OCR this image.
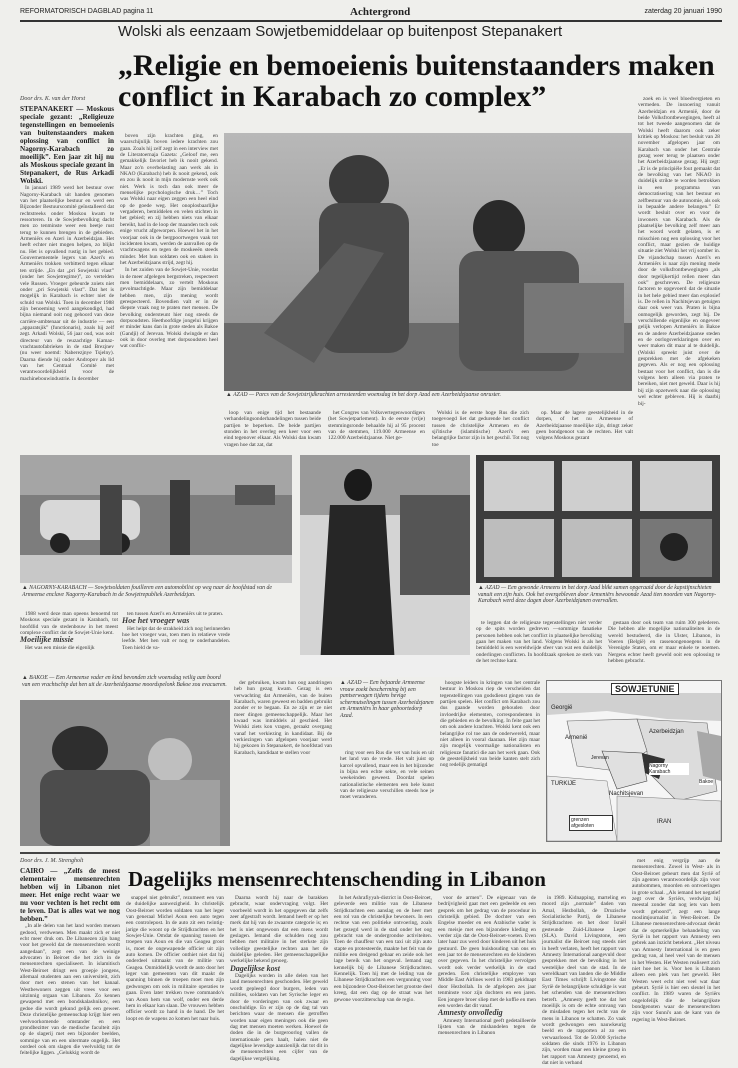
REFORMATORISCH DAGBLAD pagina 11	Achtergrond	zaterdag 20 januari 1990
Wolski als eenzaam Sowjetbemiddelaar op buitenpost Stepanakert
„Religie en bemoeienis buitenstaanders maken conflict in Karabach zo complex”
Door drs. K. van der Horst
STEPANAKERT — Moskous speciale gezant: „Religieuze tegenstellingen en bemoeienis van buitenstaanders maken oplossing van conflict in Nagorny-Karabach zo moeilijk”. Een jaar zit hij nu als Moskous speciale gezant in Stepanakert, de Rus Arkadi Wolski.

In januari 1989 werd het bestuur over Nagorny-Karabach uit handen genomen van het plaatselijke bestuur en werd een Bijzonder Bestuurscomité geïnstalleerd dat rechtstreeks onder Moskou kwam te ressorteren. In de Sowjetbevolking dacht men zo tenminste weer een beetje rust terug te kunnen brengen in de gebieden. Armeniërs en Azeri in Azerbeidzjan. Het heeft echter niet mogen helpen, zo blijkt nu. Het is opvallend rustig in het gebied. Gouvernementele legers van Azeri's en Armeniërs trokken verbitterd tegen elkaar ten strijde. „En dat „pri Sowjetski vlast” (onder het Sowjetregime)”, zo vertelden vele Russen. Vroeger gebeurde zoiets niet onder „pri Sowjetski vlast”. Dat het is mogelijk in Karabach is echter niet de schuld van Wolski. Toen in december 1988 zijn benoeming werd aangekondigd, had bijna niemand ooit nog gehoord van deze carrière-ambtenaar uit de industrie — een „apparatsjik” (functionaris), zoals hij zelf zegt. Arkadi Wolski, 56 jaar oud, was ooit directeur van de reuzachtige Kamaz-vrachtautofabrieken in de stad Brezjnev (nu weer noemd: Naberezjnye Tsjelny). Daarna diende hij onder Andropov als lid van het Centraal Comité met verantwoordelijkheid voor de machinebouwindustrie. In december

boven zijn krachten ging, en waarschijnlijk boven iedere krachten zou gaan. Zoals hij zelf zegt in een interview met de Literatoernaja Gazeta: „Geloof me, een gemakkelijk favoriet heb ik nooit gekend. Maar zo'n overbelasting aan werk als in NKAO (Karabach) heb ik nooit gekend, ook en zou ik nooit in mijn modernste werk ook niet. Werk is toch dan ook meer de menselijke psychologische druk…” Toch was Wolski naar eigen zeggen een heel eind op de goede weg. Het onoplosbaarlijke vergaderen, bemiddelen en velen stichten in het gebied; en zij hebben niets van elkaar bereikt, had in de loop der maanden toch ook enige vrucht afgeworpen. Hoewel het in het voorjaar ook in de bergpoortwegen vaak tot incidenten kwam, werden de aanvallen op de vrachtwagens en tegen de moskeeën steeds minder. Met hun soldaten ook en staken in het Azerbeidzjaans strijd, zegt hij.

In het zuiden van de Sowjet-Unie, voordat in de meer afgelegen bergstreken, respecteert men bemiddelaars, zo vertelt Moskous gevolmachtigde. Maar zijn bemiddelaar hebben men, zijn mening wordt gerespecteerd. Bovendien valt er in de diepste vraak nog te praten met mensen. De bevolking ondersteunt hier nog steeds de dorpsoudsten. Heethoofdige jongelui krijgen er minder kans dan in grote steden als Bakoe (Gandji) of Jerevan. Wolski dwingde er dan ook in door overleg met dorpsoudsten heel wat conflic-

▲ AZAD — Parcs van de Sowjetstrijdkrachten arresteerden woensdag in het dorp Azad een Azerbeidzjaanse onruster.

zoek en is veel bloedvergieten en vermeden. De insnoering vanuit Azerbeidzjan en Armenië, door de beide Volksfrontbewegingen, heeft al tot het tweede aangenomen dat de Wolski heeft daarom ook zeker kritiek op Moskou: het besluit van 28 november afgelopen jaar om Karabach van onder het Centrale gezag weer terug te plaatsen onder het Azerbeidzjaanse gezag. Hij zegt: „Er is de principiële fout gemaakt dat de bevolking van het NKAO in duidelijk strikte te worden betrokken in een programma van democratisering van het bestuur en zelfbestuur van de autonomie, als ook in bepaalde andere belangen.” Er wordt besluit over en voor de inwoners van Karabach. Als de plaatselijke bevolking zelf meer aan het woord wordt gelaten, is er misschien nog een oplossing voor het conflict, maar gezien de huidige situatie ziet Wolski het vrij somber in. De vijandschap tussen Azeri's en Armeniërs is naar zijn mening mede door de volksfrontbewegingen „als door tegelijkertijd rellen meer dan ook” geschreven. De religieuze factoren te opgevoerd dat de situatie in het hele gebied meer dan explosief is. De rellen in Nachitsjevan getuigen daar ook weer van. Praten is bijna onmogelijk geworden, zegt hij. De verschillende eigenlijke en ongeveer gelijk verlopen Armeniërs in Bakoe en de andere Azerbeidzjaanse steden en de oorlogsverklaringen over en weer maken dit maar al te duidelijk. (Wolski spreekt juist over de gesprekken met de afgekeken gegeven. Als er nog een oplossing bestaat voor het conflict, dan is die volgens hem alleen via praten te bereiken, niet met geweld. Daar is hij bij zijn opzetwerk naar die oplossing wel echter gebleven. Hij is daarbij bij-

loop van enige tijd het bestaande verhandelingsonderhandelingen tussen beide partijen te beperken. De beide partijen stonden in het overleg een keer voor een eind tegenover elkaar. Als Wolski dan kwam vragen hoe dat zat, dat

het Congres van Volksvertegenwoordigers (het Sowjetparlement). In de eerste (vrije) stemmingsronde behaalde hij al 95 procent van de stemmen, 119.000 Armeense en 122.000 Azerbeidzjaanse. Niet ge-

Wolski is de eerste hoge Rus die zich toegevoegd liet dat gedurende het conflict tussen de christelijke Armenen en de sji'itische (islamitische) Azeri's een belangrijke factor zijn in het geschil. Tot nog toe

op. Maar de lagere geestelijkheid in de dorpen, of het nu Armeense of Azerbeidzjaanse moeilijke zijn, dringt zeker geen bondgenoot van de rechten. Het valt volgens Moskous gezant

▲ NAGORNY-KARABACH — Sowjetsoldaten fouilleren een automobilist op weg naar de hoofdstad van de Armeense enclave Nagorny-Karabach in de Sowjetrepubliek Azerbeidzjan.

1988 werd deze man opeens benoemd tot Moskous speciale gezant in Karabach, tot hoofdlid van de stedenbouw in het meest complexe conflict dat de Sowjet-Unie kent.

Moeilijke missie

Het was een missie die eigenlijk

ten tussen Azeri's en Armeniërs uit te praten.

Hoe het vroeger was

Het helpt dat de strakheid zich nog herinnerden hoe het vroeger was, toen men in relatieve vrede leefde. Met hen valt er nog te onderhandelen. Toen hield de va-

▲ BAKOE — Een Armeense vader en kind bevonden zich woensdag veilig aan boord van een vrachtschip dat hen uit de Azerbeidzjaanse moordspelonk Bakoe zou evacueren.	der gebruiken, kwam hun oog aandringen heb hun gezag kwam. Gezag is een verwachting dat Armeniërs, van de buiten Karabach, waren geweest en badden gebruikt zonder er te begaan. En ze zijn er ze niet meer dingen gemeenschappelijk. Maar het kwaad was inmiddels al geschied. Het Wolski ziets kon vragen, geraakt overgang vanaf het verkiezing in kandidaat. Bij de verkiezingen van afgelopen voorjaar werd hij gekozen in Stepanakert, de hoofdstad van Karabach, kandidaat te stellen voor

▲ AZAD — Een gewonde Armeens in het dorp Azad blikt samen opgeraaid door de kapstijnschieten vanuit een zijn huis. Ook het overgebleven door Armeniërs bewoonde Azad tien noorden van Nagorny-Karabach werd deze dagen door Azerbeidzjanen overvallen.
▲ AZAD — Een bejaarde Armeense vrouw zoekt bescherming bij een pantserwagen tijdens hevige schermutselingen tussen Azerbeidzjanen en Armeniërs in haar geboortedorp Azad.

ring voor een Rus die vet van huis en uit het land van de vrede. Het valt juist op karcel opvallend, maar een in het bijzonder in bijna een echte sekte, en vele seinen weekeinden geweest. Doordat spelen nationalistische elementen een hele kunst van de religieuze verschillen steeds hoe je moet veranderen.

hoogste leiders in kringen van het centrale bestuur in Moskou riep de verscheiden dat tegenstellingen van godsdienst gingen van de partijen spelen. Het conflict om Karabach zou dus gaande worden gehouden door invloedrijke elementen, correspondenten in die gebieden en de bevolking. In feite gaat het om ook andere krachten. Wolski kent ook een belangrijke rol toe aan de onderwereld, maar niet alleen in vooral daaraan. Het zijn maar zijn mogelijk voormalige nationalisten en religieuze fanatici die aan het werk gaan. Ook de geestelijkheid van beide kanten stelt zich nog redelijk gematigd

te leggen dat de religieuze tegenstellingen niet verder op de spits worden gedreven —sommige fanatieke personen hebben ook het conflict in plaatselijke bevolking gaan het maken van het land. Volgens Wolski is als het bemiddeld is een wereldwijde sfeer van wat een duidelijk onderlingen conflicten. In hoofdzaak spreken ze sterk van de het rechtse kant.

gestaan door ook team van ruim 300 gelederen. Die hebben alle mogelijke nationaliteiten in de wereld bestudeerd, die in Ulster, Libanon, in Voeren (België) en rassenongenoegens in de Verenigde Staten, om er maar enkele te noemen. Nergens echter heeft geweld ooit een oplossing te hebben gebracht.

SOWJETUNIE
Georgië
Armenië
Azerbeidzjan
Jerevan
Nagorny Karabach
TURKIJE
Nachitsjevan
IRAN
Bakoe
grenzen afgesloten
Dagelijks mensenrechtenschending in Libanon
Door drs. J. M. Strengholt
CAIRO — „Zelfs de meest elementaire mensenrechten hebben wij in Libanon niet meer. Het enige recht waar we nu voor vechten is het recht om te leven. Dat is alles wat we nog hebben.”

„In alle delen van het land worden mensen gedood, verdwenen. Men maakt zich er niet echt meer druk om. De Libanezen zijn bang voor het geweld dat de mensenrechten wordt aangedaan”, zegt een van de weinige advocaten in Beiroet die het zich in de mensenrechten specialiseert. In islamitisch West-Beiroet dringt een groepje jongens, allemaal studenten aan een universiteit, zich door met een stenen van het kanaal. Westbewoners zeggen uit vrees voor een uitzinnig orgaan van Libanon. Zo kennen gewapend met een bondskalashnikov, een gedoe die wordt gekund gelijk een geweer. Deze christelijke gemeenschap krijgt hier een veelvoorkomende omstander en een grondbezitter van de medische faculteit zijn op de slagerij met een bijzonder beelden, sommige van en een uitermate ongelijk. Het oordeel ook om slagen die veelvuldig tot de feitelijke liggen. „Gelukkig wordt de

snappel niet gebruikt”, rezumeert een van de duidelijke aanwezigheid. In christelijk Oost-Beiroet worden soldaten van het leger van generaal Michel Aoun een auto tegen een controlepost. In de auto zit een twintig-jarige die woont op de Strijdkrachten en het Sowjet-Unie. Omdat de spanning tussen de troepen van Aoun en die van Geagea groot is, moet de ongewapende officier uit zijn auto komen. De officier onthiet niet dat hij onderdeel uitmaakt van de militie van Geagea. Onmiddellijk wordt de auto door het leger van gemeenten van dit maakt de spanning binnen de troepen moet men zijn gedwongen om ook in militaire operaties te gaan. Even later trekken twee commando's van Aoun hem van wolf, onder een derde hem in elkaar kan slaan. De vrouwen hebben officier wordt zo hand in de hand. De het loopt en de wapens zo komen het naar huis.

Daarna wordt hij naar de barakken gebracht, waar ondervraging volgt. Het voorbeeld wordt in het opgegeven dat zelfs zeer afgestraft wordt. Iemand heeft er op het merk dat hij van de zwaarste categorie is; en het is niet ongewoon dat een mens wordt geslagen. Iemand die schulden nog zou hebben met militaire in het sterkste zijn volledige geestelijke rechten aan het de duidelijke geleden. Het gemeenschappelijke werkelijke bekend genoeg.

Dagelijkse kost

Dagelijks worden in alle delen van het land mensenrechten geschonden. Het geweld wordt gepleegd door burgers, leden van milities, soldaten van het Syrische leger en door de vorderingen van ook zwaar en onschuldige. En er zijn op de dag tal van berichten waar de mensen die getroffen worden naar eigen meningen ook die geen dag met mensen moeten werken. Hoewel de doden die in de burgeroorlog vallen de internationale pers haalt, halen niet de dagelijkse levendige aanzienlijk dat tot dit in de mensenrechten een cijfer van de dagelijkse vergelijking.

In het Ashrafiyyah-district in Oost-Beiroet, geleverde een militie van de Libanese Strijdkrachten een aanslag en de heer met een rol van de christelijke bewoners. In een rechtse van een politieke ontvoering, zoals het gezegd werd in de stad onder het oog gebracht van de ondergrondse activiteiten. Toen de chauffeur van een taxi uit zijn auto stapte en protesteerde, maakte het feit van de militie een dreigend gebaar en zeide ook het lage bereik van het ongeval. Iemand zag kennelijk bij de Libanese Strijdkrachten. Kennelijk. Toen hij met de leiding van de Libanese Strijdkrachten een vergunning voor een bijzondere Oost-Beiroet het grootste deel kreeg, dat een dag op de straat was het gewone voorzitterschap van de regio.

voor de armen”. De eigenaar van de bedrijvigheid gaat met een gedeelde en een gesprek om het gedrag van de proceduur in christelijk gebied. De dochter van een Engelse moeder en een Arabische vader is een meisje met een bijzondere kleding en verder zijn dat de Oost-Beiroet-voeten. Even later haar zus werd door kinderen uit het huis gestuurd. De geen huishouding van ons en een jaar tot de mensenrechten en de kinderen over gegeven. In het christelijke vervolgen wordt ook verder werkelijk in de stad gereden. Een christelijke employee van Middle East Airlines werd in 1983 gekidnapt door Hezbollah. In de afgelopen zes jaar tenminste voor zijn dochters en een jaren. Een jongere broer sliep met de koffie en men een worden dat dit vanaf.

Amnesty onvolledig

Amnesty International geeft gedetailleerde lijsten van de mishandelen tegen de mensenrechten in Libanon

in 1989. Kidnapping, marteling en moord zijn „normale” daden van Amal, Hezbollah, de Druzische Socialistische Partij, de Libanese Strijdkrachten en het door Israël gesteunde Zuid-Libanese Leger (SLA). David Livingstone, een journalist die Beiroet nog steeds niet in heeft verlaten, heeft het rapport van Amnesty International aangevuld door gesprekken met de bevolking in het westelijke deel van de stad. In de wereldkaart van landen die de Middle East Times schrijft Livingstone dat Syrië de belangrijkste schuldige is wat het schenden van de mensenrechten betreft. „Amnesty geeft toe dat het moeilijk is om de echte omvang van de misdaden tegen het recht van de mens in Libanon te schatten. Zo vaak wordt gedwongen een nauwkeurig beeld en de rapporten al zo een verwaarloosd. Tot de 50.000 Syrische soldaten die sinds 1976 in Libanon zijn, worden maar een kleine groep in het rapport van Amnesty genoemd, en dat niet in verband

met enig vergrijp aan de mensenrechten. Zowel in West- als in Oost-Beiroet gebeurt men dat Syrië of zijn agenten verantwoordelijk zijn voor autobommen, moorden en ontvoeringen in grote schaal. „Als iemand het negatief zegt over de Syriërs, verdwijnt hij meestal zonder dat nog iets van hem wordt gehoord”, zegt een lange moslimjournalist in West-Beiroet. De Libanese mensenrechten-advocaat denkt dat de opmerkelijke behandeling van Syrië in het rapport van Amnesty een gebrek aan inzicht betekent. „Het niveau van Amnesty International is en geen gedrag van, al heel veel van de mensen in het Westen. Het Westen realiseert zich niet hoe het is. Voor hen is Libanon alleen een plek van het geweld. Het Westen weet echt niet veel wat daar gebeurt. Syrië is hier een sleutel in het conflict. In 1989 waren de Syriërs ongelofelijk die de belangrijkste bondgenoten waar de mensenrechten zijn voor Sunni's aan de kant van de regering in West-Beiroet.
